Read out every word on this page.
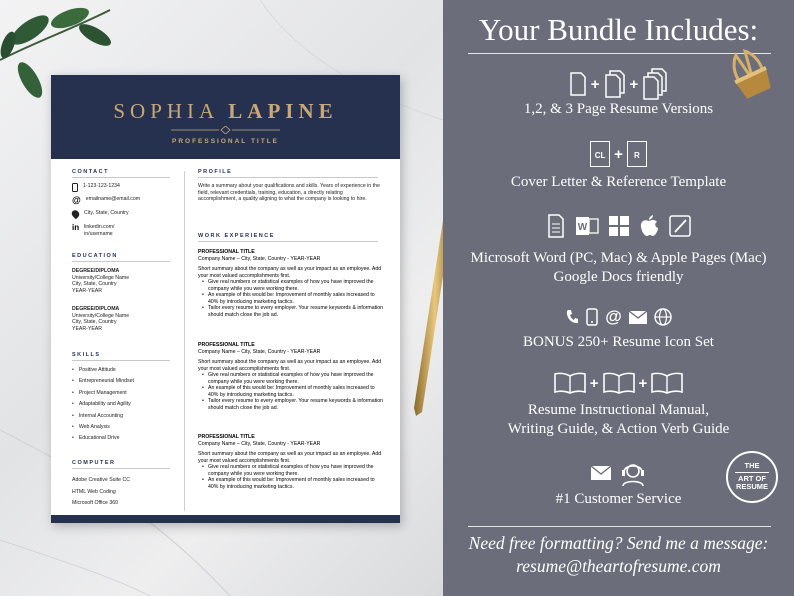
SOPHIA LAPINE
PROFESSIONAL TITLE
CONTACT
1-123-123-1234
@ emailname@email.com
City, State, Country
in linkedin.com/
in/username
EDUCATION
DEGREE/DIPLOMA
University/College Name
City, State, Country
YEAR-YEAR
DEGREE/DIPLOMA
University/College Name
City, State, Country
YEAR-YEAR
SKILLS
• Positive Attitude
• Entrepreneurial Mindset
• Project Management
• Adaptability and Agility
• Internal Accounting
• Web Analysis
• Educational Drive
COMPUTER
Adobe Creative Suite CC
HTML Web Coding
Microsoft Office 360
PROFILE
Write a summary about your qualifications and skills. Years of experience in the field, relevant credentials, training, education, a directly relating accomplishment, a quality aligning to what the company is looking to hire.
WORK EXPERIENCE
PROFESSIONAL TITLE
Company Name – City, State, Country - YEAR-YEAR
Short summary about the company as well as your impact as an employee. Add your most valued accomplishments first.
• Give real numbers or statistical examples of how you have improved the company while you were working there.
• An example of this would be: Improvement of monthly sales increased to 40% by introducing marketing tactics.
• Tailor every resume to every employer. Your resume keywords & information should match close the job ad.
PROFESSIONAL TITLE
Company Name – City, State, Country - YEAR-YEAR
Short summary about the company as well as your impact as an employee. Add your most valued accomplishments first.
• Give real numbers or statistical examples of how you have improved the company while you were working there.
• An example of this would be: Improvement of monthly sales increased to 40% by introducing marketing tactics.
• Tailor every resume to every employer. Your resume keywords & information should match close the job ad.
PROFESSIONAL TITLE
Company Name – City, State, Country - YEAR-YEAR
Short summary about the company as well as your impact as an employee. Add your most valued accomplishments first.
• Give real numbers or statistical examples of how you have improved the company while you were working there.
• An example of this would be: Improvement of monthly sales increased to 40% by introducing marketing tactics.
Your Bundle Includes:
+ +
1,2, & 3 Page Resume Versions
CL +	R
Cover Letter & Reference Template
W
Microsoft Word (PC, Mac) & Apple Pages (Mac)
Google Docs friendly
@
BONUS 250+ Resume Icon Set
+	+
Resume Instructional Manual,
Writing Guide, & Action Verb Guide
#1 Customer Service
Need free formatting? Send me a message:
resume@theartofresume.com
THE
ART OF
RESUME
